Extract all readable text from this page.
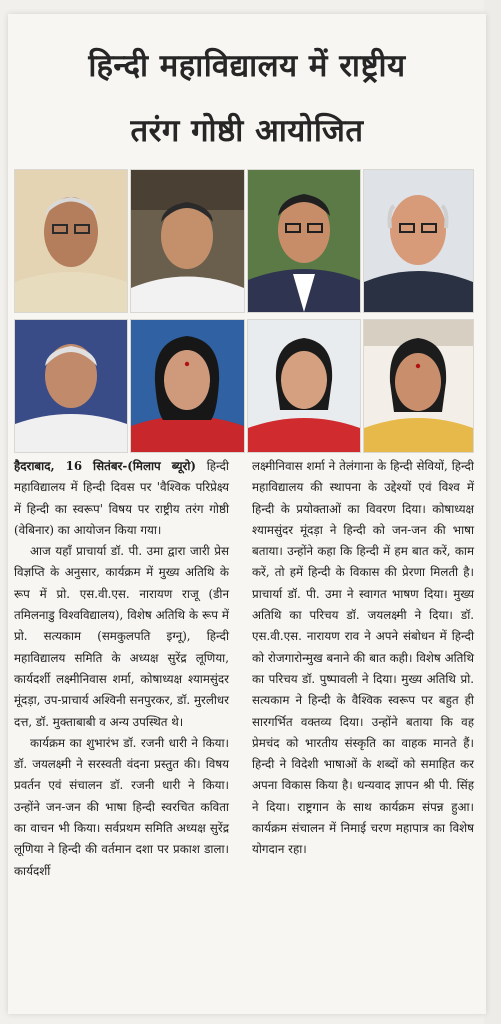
हिन्दी महाविद्यालय में राष्ट्रीय
तरंग गोष्ठी आयोजित

हैदराबाद, 16 सितंबर-(मिलाप ब्यूरो) हिन्दी महाविद्यालय में हिन्दी दिवस पर 'वैश्विक परिप्रेक्ष्य में हिन्दी का स्वरूप' विषय पर राष्ट्रीय तरंग गोष्ठी (वेबिनार) का आयोजन किया गया।

आज यहाँ प्राचार्या डॉ. पी. उमा द्वारा जारी प्रेस विज्ञप्ति के अनुसार, कार्यक्रम में मुख्य अतिथि के रूप में प्रो. एस.वी.एस. नारायण राजू (डीन तमिलनाडु विश्वविद्यालय), विशेष अतिथि के रूप में प्रो. सत्यकाम (समकुलपति इग्नू), हिन्दी महाविद्यालय समिति के अध्यक्ष सुरेंद्र लूणिया, कार्यदर्शी लक्ष्मीनिवास शर्मा, कोषाध्यक्ष श्यामसुंदर मूंदड़ा, उप-प्राचार्य अश्विनी सनपुरकर, डॉ. मुरलीधर दत्त, डॉ. मुक्ताबाबी व अन्य उपस्थित थे।

कार्यक्रम का शुभारंभ डॉ. रजनी धारी ने किया। डॉ. जयलक्ष्मी ने सरस्वती वंदना प्रस्तुत की। विषय प्रवर्तन एवं संचालन डॉ. रजनी धारी ने किया। उन्होंने जन-जन की भाषा हिन्दी स्वरचित कविता का वाचन भी किया। सर्वप्रथम समिति अध्यक्ष सुरेंद्र लूणिया ने हिन्दी की वर्तमान दशा पर प्रकाश डाला। कार्यदर्शी

लक्ष्मीनिवास शर्मा ने तेलंगाना के हिन्दी सेवियों, हिन्दी महाविद्यालय की स्थापना के उद्देश्यों एवं विश्व में हिन्दी के प्रयोक्ताओं का विवरण दिया। कोषाध्यक्ष श्यामसुंदर मूंदड़ा ने हिन्दी को जन-जन की भाषा बताया। उन्होंने कहा कि हिन्दी में हम बात करें, काम करें, तो हमें हिन्दी के विकास की प्रेरणा मिलती है। प्राचार्या डॉ. पी. उमा ने स्वागत भाषण दिया। मुख्य अतिथि का परिचय डॉ. जयलक्ष्मी ने दिया। डॉ. एस.वी.एस. नारायण राव ने अपने संबोधन में हिन्दी को रोजगारोन्मुख बनाने की बात कही। विशेष अतिथि का परिचय डॉ. पुष्पावली ने दिया। मुख्य अतिथि प्रो. सत्यकाम ने हिन्दी के वैश्विक स्वरूप पर बहुत ही सारगर्भित वक्तव्य दिया। उन्होंने बताया कि वह प्रेमचंद को भारतीय संस्कृति का वाहक मानते हैं। हिन्दी ने विदेशी भाषाओं के शब्दों को समाहित कर अपना विकास किया है। धन्यवाद ज्ञापन श्री पी. सिंह ने दिया। राष्ट्रगान के साथ कार्यक्रम संपन्न हुआ। कार्यक्रम संचालन में निमाई चरण महापात्र का विशेष योगदान रहा।
